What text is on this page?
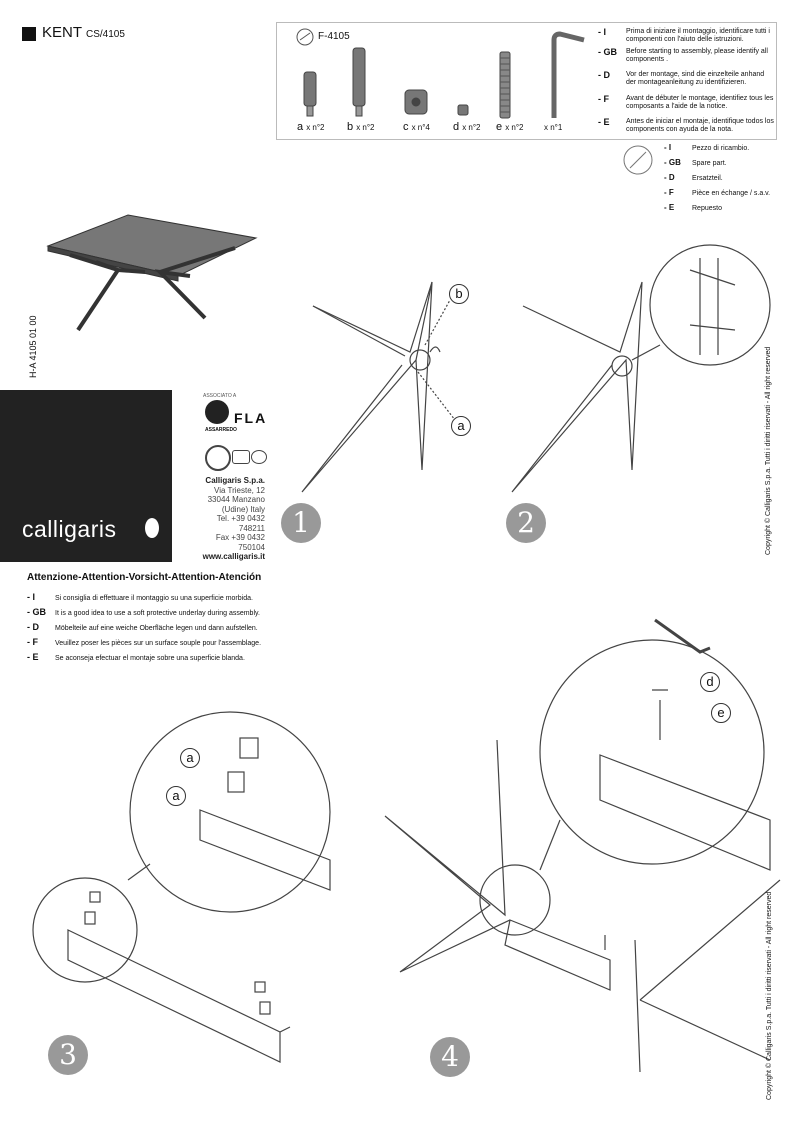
KENT CS/4105	F-4105
a x n°2 b x n°2	c x n°4 d x n°2 e x n°2	x n°1
- I	Prima di iniziare il montaggio, identificare tutti i componenti con l'aiuto delle istruzioni.
- GB Before starting to assembly, please identify all components .
- D Vor der montage, sind die einzelteile anhand der montageanleitung zu identifizieren.
- F Avant de débuter le montage, identifiez tous les composants a l'aide de la notice.
- E Antes de iniciar el montaje, identifique todos los components con ayuda de la nota.
- I	Pezzo di ricambio.
- GB Spare part.
- D Ersatzteil.
- F	Pièce en échange / s.a.v.
- E	Repuesto
H-A 4105 01 00
calligaris
ASSOCIATO A
FLA
ASSARREDO
Calligaris S.p.a.
Via Trieste, 12
33044 Manzano
(Udine) Italy
Tel. +39 0432 748211
Fax +39 0432 750104
www.calligaris.it
Copyright © Calligaris S.p.a. Tutti i diritti riservati - All right reserved
Copyright © Calligaris S.p.a. Tutti i diritti riservati - All right reserved
Attenzione-Attention-Vorsicht-Attention-Atención
- I	Si consiglia di effettuare il montaggio su una superficie morbida.
- GB It is a good idea to use a soft protective underlay during assembly.
- D Möbelteile auf eine weiche Oberfläche legen und dann aufstellen.
- F Veuillez poser les pièces sur un surface souple pour l'assemblage.
- E Se aconseja efectuar el montaje sobre una superficie blanda.
1	2
3	4
b
a
a
a
d
e
